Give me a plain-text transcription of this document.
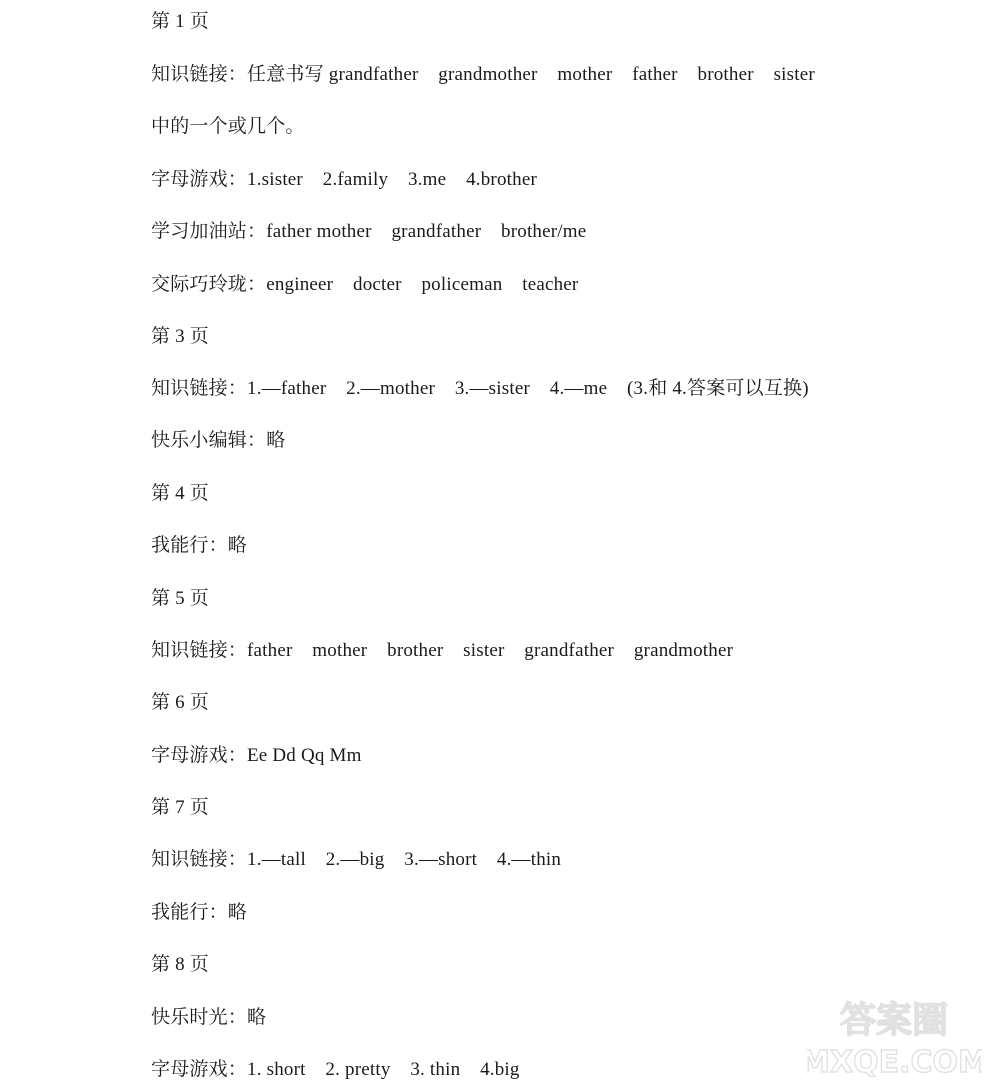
第 1 页
知识链接：任意书写 grandfather    grandmother    mother    father    brother    sister
中的一个或几个。
字母游戏：1.sister    2.family    3.me    4.brother
学习加油站：father mother    grandfather    brother/me
交际巧玲珑：engineer    docter    policeman    teacher
第 3 页
知识链接：1.—father    2.—mother    3.—sister    4.—me    (3.和 4.答案可以互换)
快乐小编辑：略
第 4 页
我能行：略
第 5 页
知识链接：father    mother    brother    sister    grandfather    grandmother
第 6 页
字母游戏：Ee Dd Qq Mm
第 7 页
知识链接：1.—tall    2.—big    3.—short    4.—thin
我能行：略
第 8 页
快乐时光：略
字母游戏：1. short    2. pretty    3. thin    4.big
答案圈
MXQE.COM
